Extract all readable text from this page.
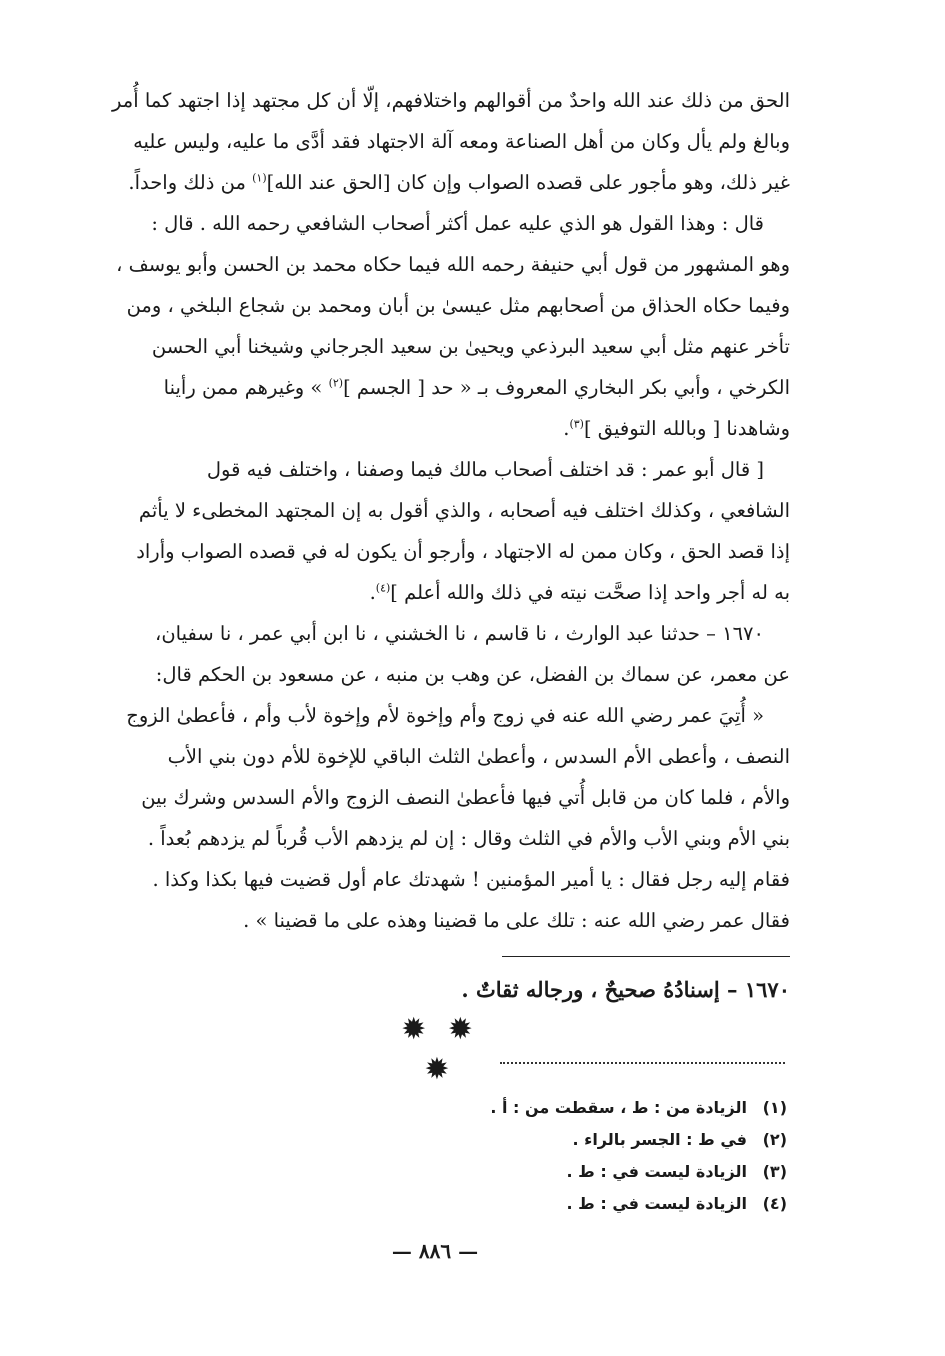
الحق من ذلك عند الله واحدٌ من أقوالهم واختلافهم، إلّا أن كل مجتهد إذا اجتهد كما أُمر
وبالغ ولم يأل وكان من أهل الصناعة ومعه آلة الاجتهاد فقد أدَّى ما عليه، وليس عليه
غير ذلك، وهو مأجور على قصده الصواب وإن كان [الحق عند الله]$^{(١)}$ من ذلك واحداً.

قال : وهذا القول هو الذي عليه عمل أكثر أصحاب الشافعي رحمه الله . قال :
وهو المشهور من قول أبي حنيفة رحمه الله فيما حكاه محمد بن الحسن وأبو يوسف ،
وفيما حكاه الحذاق من أصحابهم مثل عيسىٰ بن أبان ومحمد بن شجاع البلخي ، ومن
تأخر عنهم مثل أبي سعيد البرذعي ويحيىٰ بن سعيد الجرجاني وشيخنا أبي الحسن
الكرخي ، وأبي بكر البخاري المعروف بـ « حد [ الجسم ]$^{(٢)}$ » وغيرهم ممن رأينا
وشاهدنا [ وبالله التوفيق ]$^{(٣)}$.

[ قال أبو عمر : قد اختلف أصحاب مالك فيما وصفنا ، واختلف فيه قول
الشافعي ، وكذلك اختلف فيه أصحابه ، والذي أقول به إن المجتهد المخطىء لا يأثم
إذا قصد الحق ، وكان ممن له الاجتهاد ، وأرجو أن يكون له في قصده الصواب وأراد
به له أجر واحد إذا صحَّت نيته في ذلك والله أعلم ]$^{(٤)}$.

١٦٧٠ – حدثنا عبد الوارث ، نا قاسم ، نا الخشني ، نا ابن أبي عمر ، نا سفيان،
عن معمر، عن سماك بن الفضل، عن وهب بن منبه ، عن مسعود بن الحكم قال:

« أُتِيَ عمر رضي الله عنه في زوج وأم وإخوة لأم وإخوة لأب وأم ، فأعطىٰ الزوج
النصف ، وأعطى الأم السدس ، وأعطىٰ الثلث الباقي للإخوة للأم دون بني الأب
والأم ، فلما كان من قابل أُتي فيها فأعطىٰ النصف الزوج والأم السدس وشرك بين
بني الأم وبني الأب والأم في الثلث وقال : إن لم يزدهم الأب قُرباً لم يزدهم بُعداً .
فقام إليه رجل فقال : يا أمير المؤمنين ! شهدتك عام أول قضيت فيها بكذا وكذا .
فقال عمر رضي الله عنه : تلك على ما قضينا وهذه على ما قضينا » .

١٦٧٠ – إسنادُهُ صحيحٌ ، ورجاله ثقاتٌ .
✹ ✹ ✹
(١)الزيادة من : ط ، سقطت من : أ .
(٢)في ط : الجسر بالراء .
(٣)الزيادة ليست في : ط .
(٤)الزيادة ليست في : ط .
— ٨٨٦ —
